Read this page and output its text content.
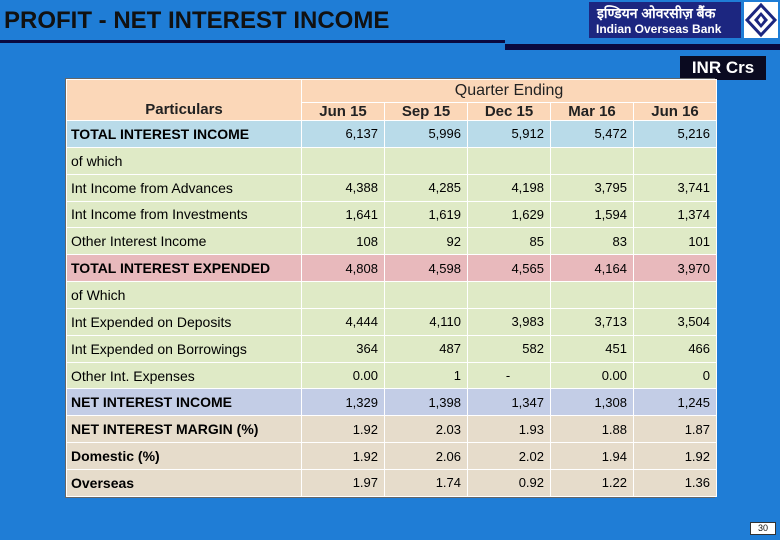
PROFIT - NET INTEREST INCOME	इण्डियन ओवरसीज़ बैंक
Indian Overseas Bank
INR Crs
Particulars	Quarter Ending				
	Jun 15	Sep 15	Dec 15	Mar 16	Jun 16
TOTAL INTEREST INCOME	6,137	5,996	5,912	5,472	5,216
of which					
Int Income from Advances	4,388	4,285	4,198	3,795	3,741
Int Income from Investments	1,641	1,619	1,629	1,594	1,374
Other Interest Income	108	92	85	83	101
TOTAL INTEREST EXPENDED	4,808	4,598	4,565	4,164	3,970
of Which					
Int Expended on Deposits	4,444	4,110	3,983	3,713	3,504
Int Expended on Borrowings	364	487	582	451	466
Other Int. Expenses	0.00	1	-	0.00	0
NET INTEREST INCOME	1,329	1,398	1,347	1,308	1,245
NET INTEREST MARGIN (%)	1.92	2.03	1.93	1.88	1.87
Domestic (%)	1.92	2.06	2.02	1.94	1.92
Overseas	1.97	1.74	0.92	1.22	1.36
30
